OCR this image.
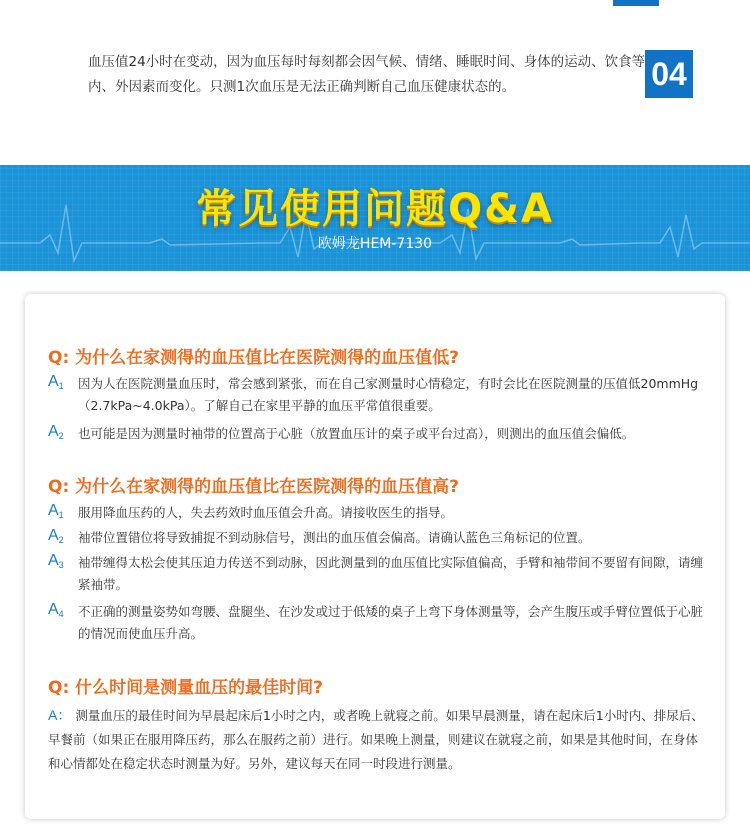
血压值24小时在变动，因为血压每时每刻都会因气候、情绪、睡眠时间、身体的运动、饮食等内、外因素而变化。只测1次血压是无法正确判断自己血压健康状态的。	04
常见使用问题Q&A
欧姆龙HEM-7130
Q: 为什么在家测得的血压值比在医院测得的血压值低?
$A_1$ 因为人在医院测量血压时，常会感到紧张，而在自己家测量时心情稳定，有时会比在医院测量的压值低20mmHg（2.7kPa~4.0kPa）。了解自己在家里平静的血压平常值很重要。
$A_2$ 也可能是因为测量时袖带的位置高于心脏（放置血压计的桌子或平台过高），则测出的血压值会偏低。
Q: 为什么在家测得的血压值比在医院测得的血压值高?
$A_1$ 服用降血压药的人，失去药效时血压值会升高。请接收医生的指导。
$A_2$ 袖带位置错位将导致捕捉不到动脉信号，测出的血压值会偏高。请确认蓝色三角标记的位置。
$A_3$ 袖带缠得太松会使其压迫力传送不到动脉，因此测量到的血压值比实际值偏高，手臂和袖带间不要留有间隙，请缠紧袖带。
$A_4$ 不正确的测量姿势如弯腰、盘腿坐、在沙发或过于低矮的桌子上弯下身体测量等，会产生腹压或手臂位置低于心脏的情况而使血压升高。
Q: 什么时间是测量血压的最佳时间?
A： 测量血压的最佳时间为早晨起床后1小时之内，或者晚上就寝之前。如果早晨测量，请在起床后1小时内、排尿后、早餐前（如果正在服用降压药，那么在服药之前）进行。如果晚上测量，则建议在就寝之前，如果是其他时间，在身体和心情都处在稳定状态时测量为好。另外，建议每天在同一时段进行测量。
